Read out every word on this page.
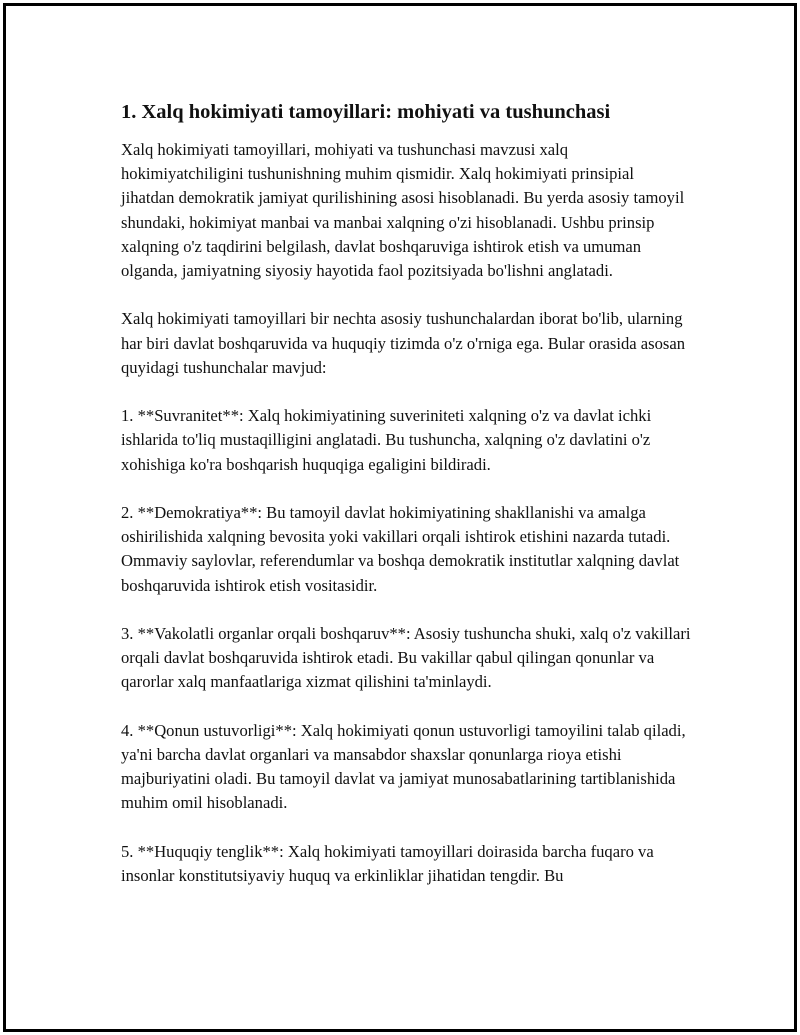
1. Xalq hokimiyati tamoyillari: mohiyati va tushunchasi

Xalq hokimiyati tamoyillari, mohiyati va tushunchasi mavzusi xalq hokimiyatchiligini tushunishning muhim qismidir. Xalq hokimiyati prinsipial jihatdan demokratik jamiyat qurilishining asosi hisoblanadi. Bu yerda asosiy tamoyil shundaki, hokimiyat manbai va manbai xalqning o'zi hisoblanadi. Ushbu prinsip xalqning o'z taqdirini belgilash, davlat boshqaruviga ishtirok etish va umuman olganda, jamiyatning siyosiy hayotida faol pozitsiyada bo'lishni anglatadi.

Xalq hokimiyati tamoyillari bir nechta asosiy tushunchalardan iborat bo'lib, ularning har biri davlat boshqaruvida va huquqiy tizimda o'z o'rniga ega. Bular orasida asosan quyidagi tushunchalar mavjud:

1. **Suvranitet**: Xalq hokimiyatining suveriniteti xalqning o'z va davlat ichki ishlarida to'liq mustaqilligini anglatadi. Bu tushuncha, xalqning o'z davlatini o'z xohishiga ko'ra boshqarish huquqiga egaligini bildiradi.

2. **Demokratiya**: Bu tamoyil davlat hokimiyatining shakllanishi va amalga oshirilishida xalqning bevosita yoki vakillari orqali ishtirok etishini nazarda tutadi. Ommaviy saylovlar, referendumlar va boshqa demokratik institutlar xalqning davlat boshqaruvida ishtirok etish vositasidir.

3. **Vakolatli organlar orqali boshqaruv**: Asosiy tushuncha shuki, xalq o'z vakillari orqali davlat boshqaruvida ishtirok etadi. Bu vakillar qabul qilingan qonunlar va qarorlar xalq manfaatlariga xizmat qilishini ta'minlaydi.

4. **Qonun ustuvorligi**: Xalq hokimiyati qonun ustuvorligi tamoyilini talab qiladi, ya'ni barcha davlat organlari va mansabdor shaxslar qonunlarga rioya etishi majburiyatini oladi. Bu tamoyil davlat va jamiyat munosabatlarining tartiblanishida muhim omil hisoblanadi.

5. **Huquqiy tenglik**: Xalq hokimiyati tamoyillari doirasida barcha fuqaro va insonlar konstitutsiyaviy huquq va erkinliklar jihatidan tengdir. Bu
